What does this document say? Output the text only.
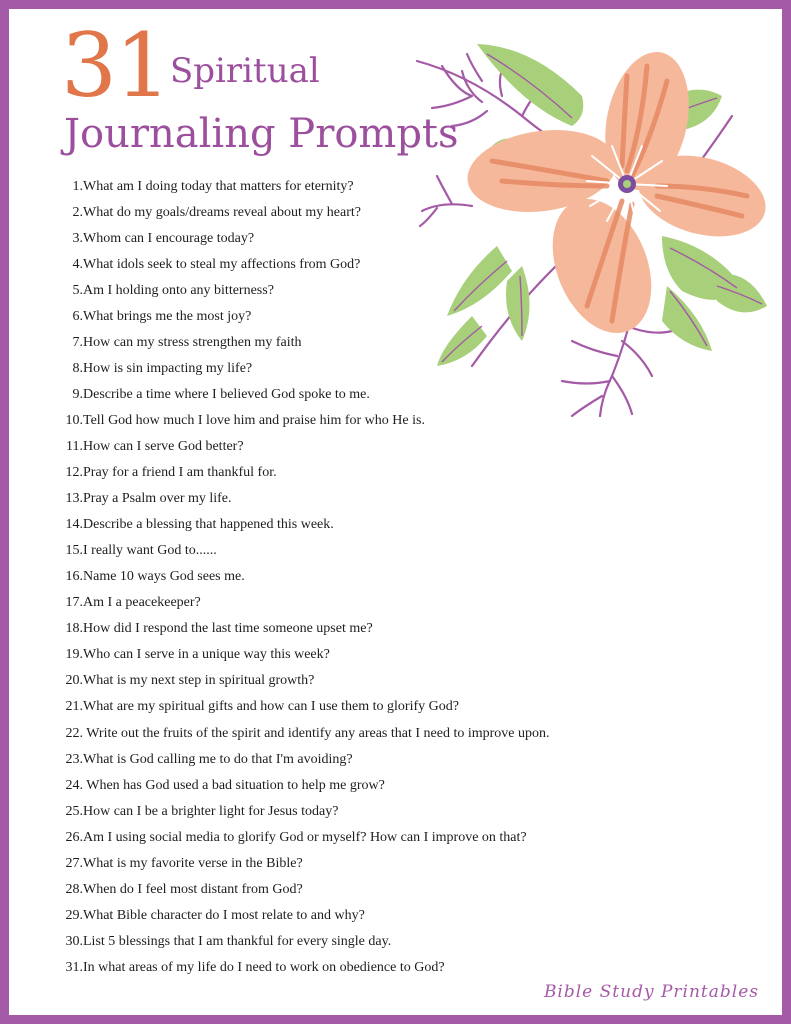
31 Spiritual
Journaling Prompts
1.What am I doing today that matters for eternity?
2.What do my goals/dreams reveal about my heart?
3.Whom can I encourage today?
4.What idols seek to steal my affections from God?
5.Am I holding onto any bitterness?
6.What brings me the most joy?
7.How can my stress strengthen my faith
8.How is sin impacting my life?
9.Describe a time where I believed God spoke to me.
10.Tell God how much I love him and praise him for who He is.
11.How can I serve God better?
12.Pray for a friend I am thankful for.
13.Pray a Psalm over my life.
14.Describe a blessing that happened this week.
15.I really want God to......
16.Name 10 ways God sees me.
17.Am I a peacekeeper?
18.How did I respond the last time someone upset me?
19.Who can I serve in a unique way this week?
20.What is my next step in spiritual growth?
21.What are my spiritual gifts and how can I use them to glorify God?
22. Write out the fruits of the spirit and identify any areas that I need to improve upon.
23.What is God calling me to do that I'm avoiding?
24. When has God used a bad situation to help me grow?
25.How can I be a brighter light for Jesus today?
26.Am I using social media to glorify God or myself? How can I improve on that?
27.What is my favorite verse in the Bible?
28.When do I feel most distant from God?
29.What Bible character do I most relate to and why?
30.List 5 blessings that I am thankful for every single day.
31.In what areas of my life do I need to work on obedience to God?
Bible Study Printables
